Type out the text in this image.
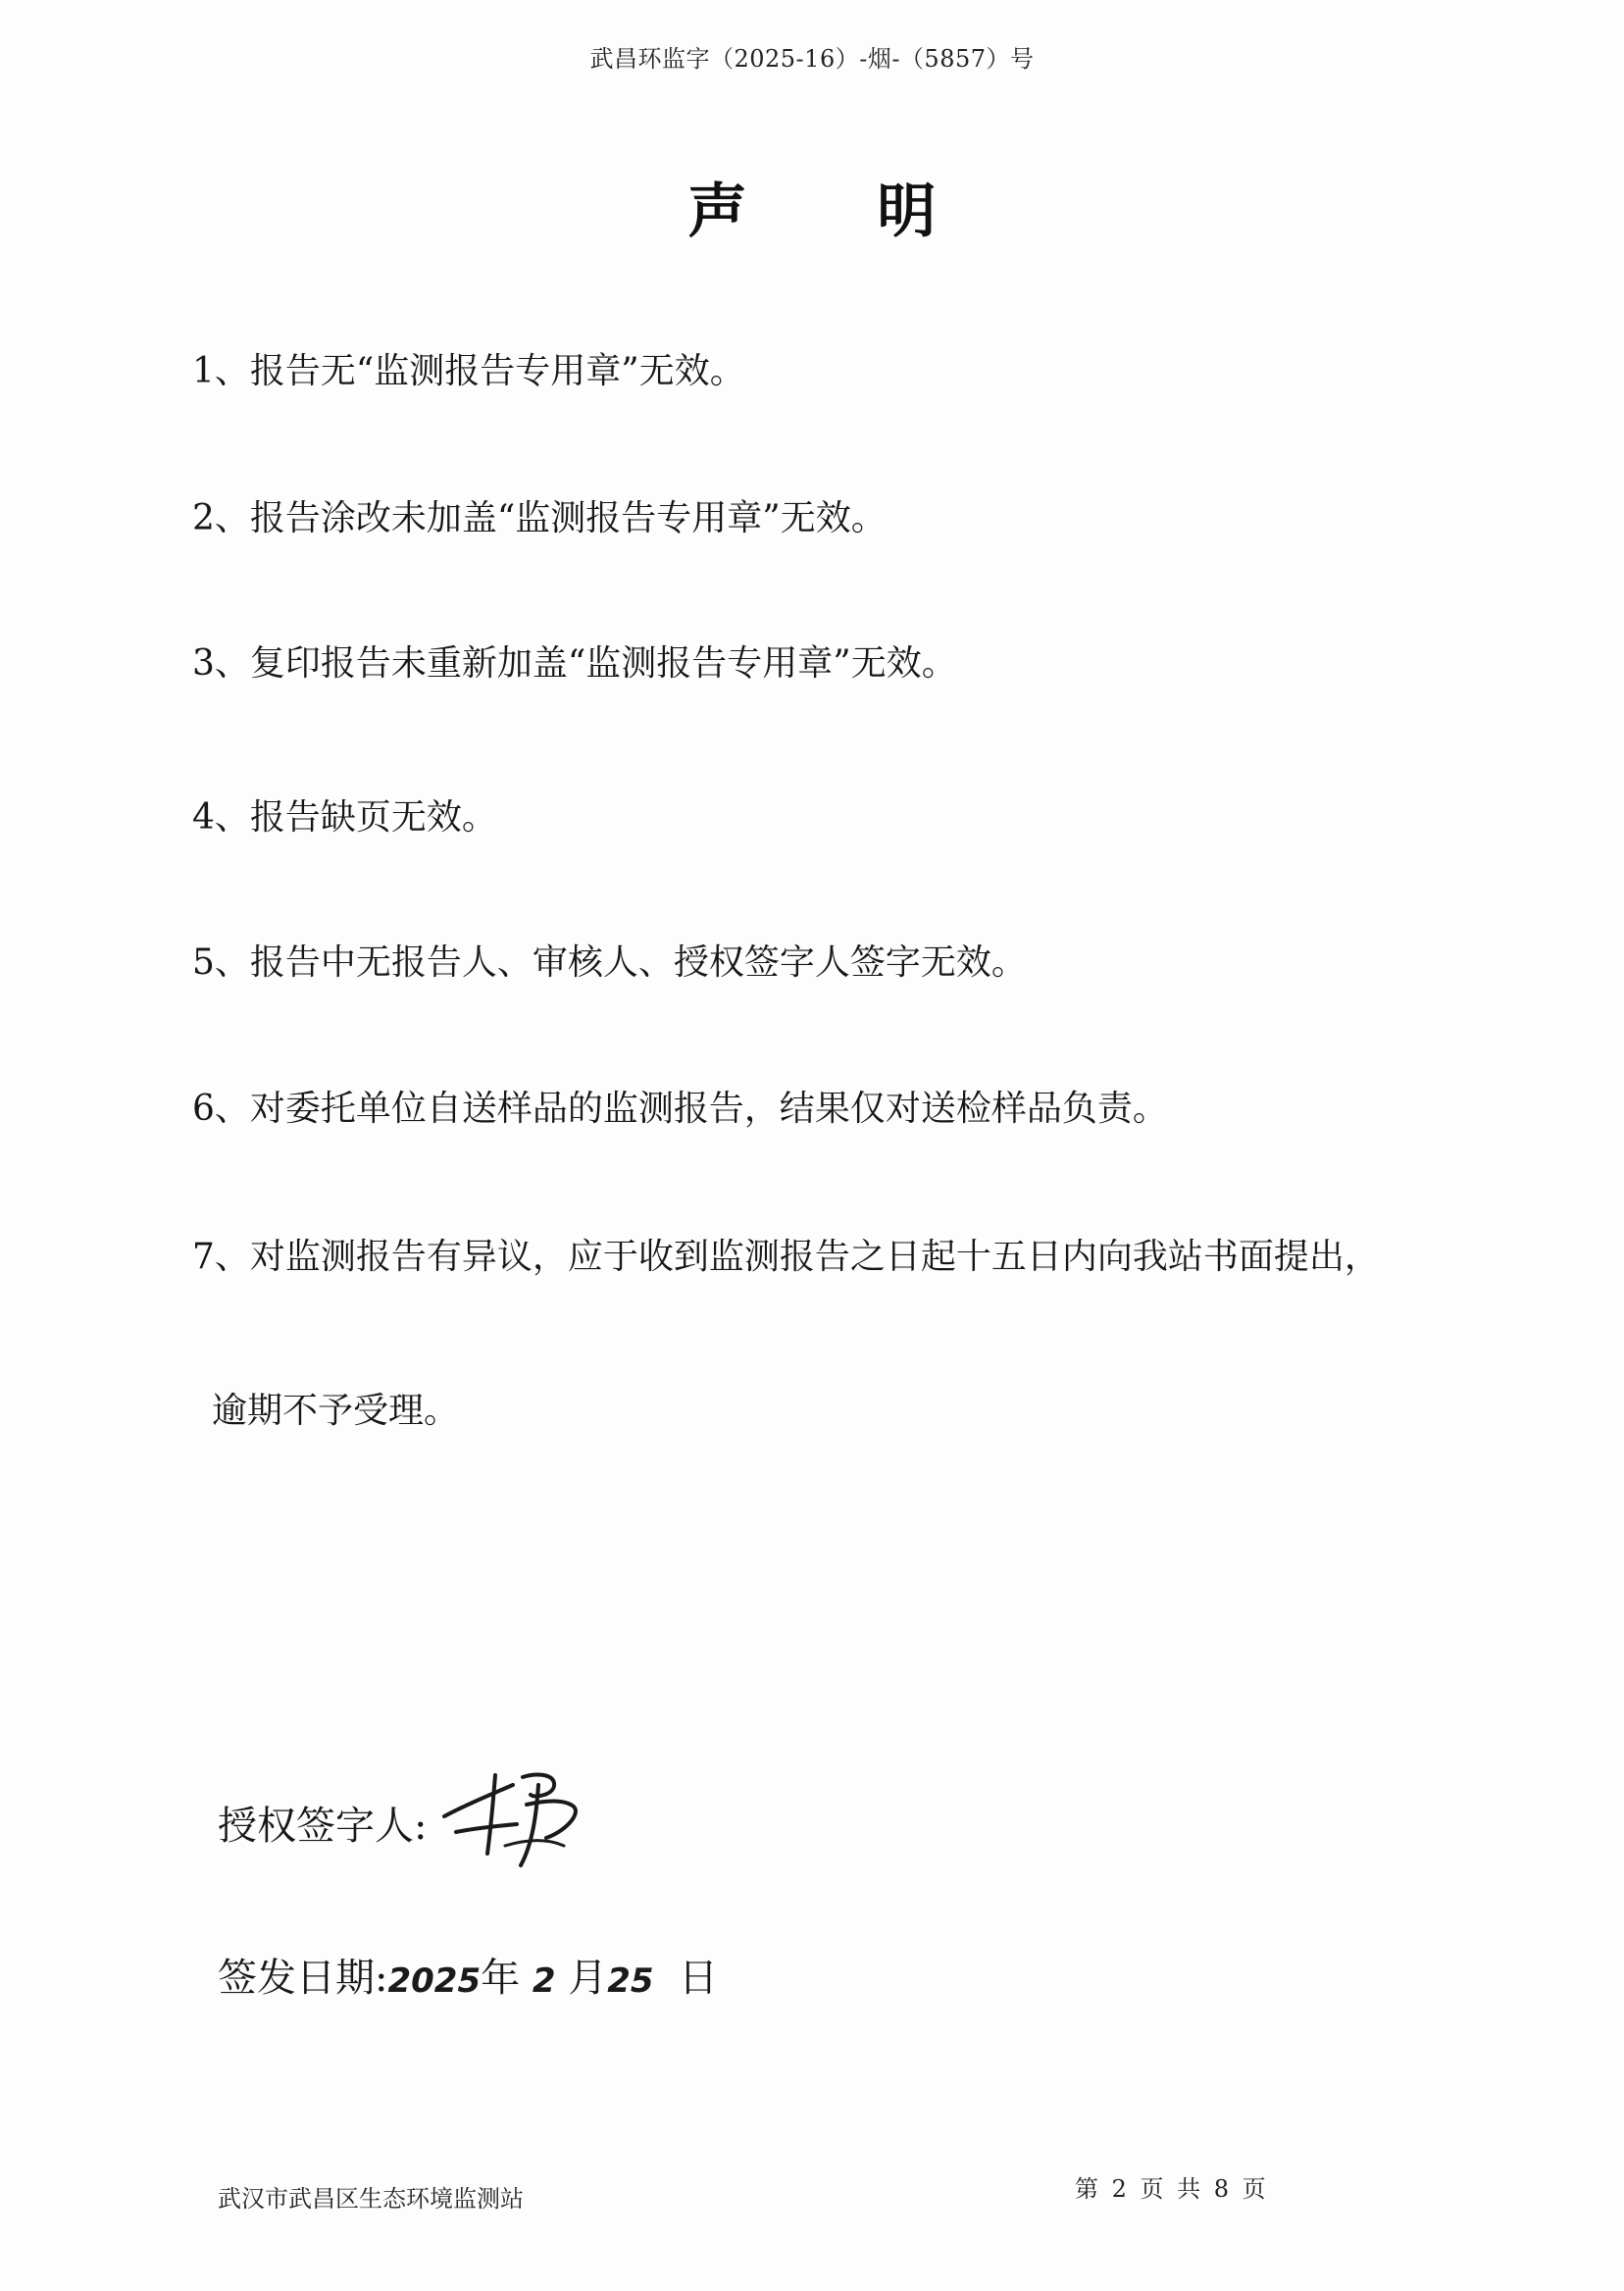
武昌环监字（2025-16）-烟-（5857）号
声 明
1、报告无“监测报告专用章”无效。
2、报告涂改未加盖“监测报告专用章”无效。
3、复印报告未重新加盖“监测报告专用章”无效。
4、报告缺页无效。
5、报告中无报告人、审核人、授权签字人签字无效。
6、对委托单位自送样品的监测报告，结果仅对送检样品负责。
7、对监测报告有异议，应于收到监测报告之日起十五日内向我站书面提出，
逾期不予受理。
授权签字人:
签发日期:2025年 2 月25 日
武汉市武昌区生态环境监测站	第 2 页 共 8 页
